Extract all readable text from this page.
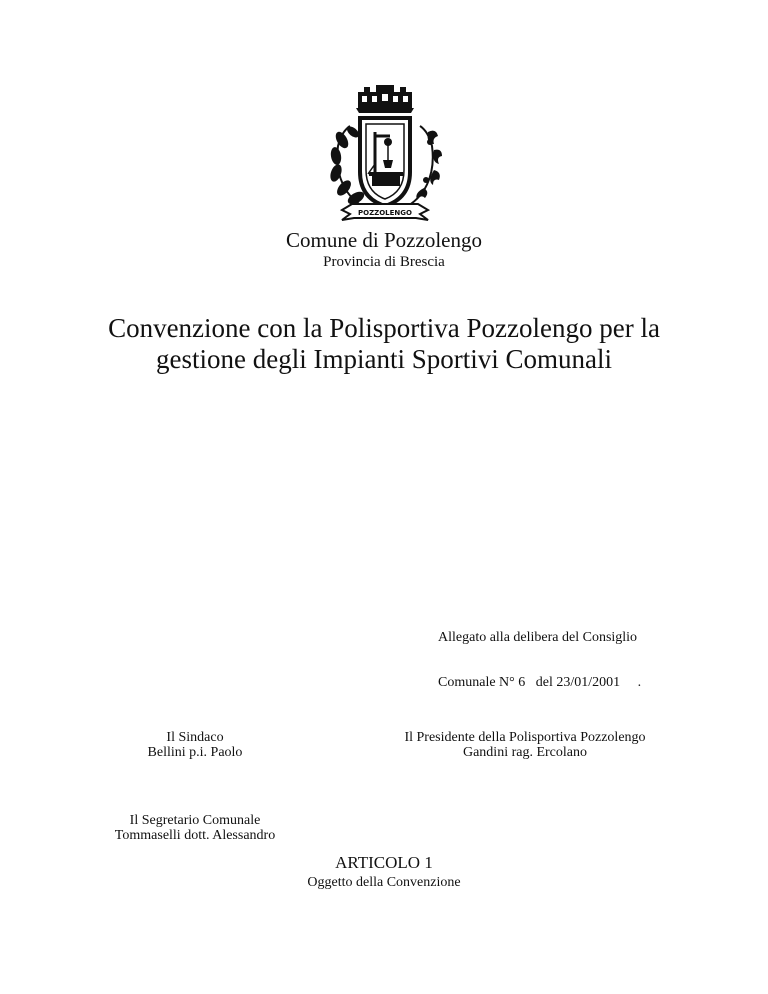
POZZOLENGO
Comune di Pozzolengo
Provincia di Brescia
Convenzione con la Polisportiva Pozzolengo per la
gestione degli Impianti Sportivi Comunali

Allegato alla delibera del Consiglio

Comunale N° 6   del 23/01/2001     .

Il Sindaco
Bellini p.i. Paolo
Il Presidente della Polisportiva Pozzolengo
Gandini rag. Ercolano
Il Segretario Comunale
Tommaselli dott. Alessandro
ARTICOLO 1
Oggetto della Convenzione
